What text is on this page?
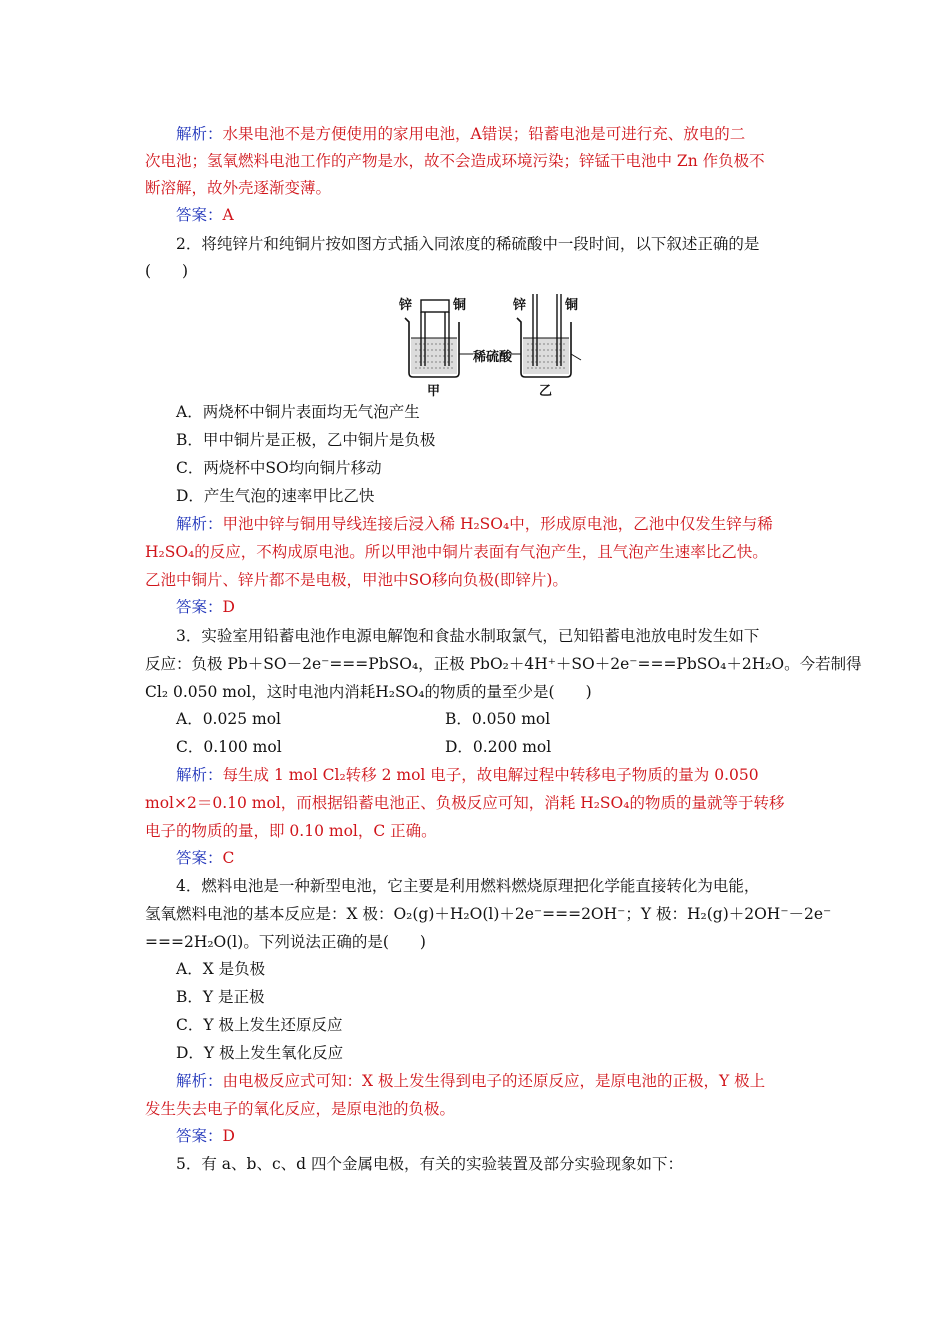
解析：水果电池不是方便使用的家用电池，A错误；铅蓄电池是可进行充、放电的二
次电池；氢氧燃料电池工作的产物是水，故不会造成环境污染；锌锰干电池中 Zn 作负极不
断溶解，故外壳逐渐变薄。
答案：A
2．将纯锌片和纯铜片按如图方式插入同浓度的稀硫酸中一段时间，以下叙述正确的是
(　　)
锌	铜	锌	铜
稀硫酸
甲	乙
A．两烧杯中铜片表面均无气泡产生
B．甲中铜片是正极，乙中铜片是负极
C．两烧杯中SO均向铜片移动
D．产生气泡的速率甲比乙快
解析：甲池中锌与铜用导线连接后浸入稀 H₂SO₄中，形成原电池，乙池中仅发生锌与稀
H₂SO₄的反应，不构成原电池。所以甲池中铜片表面有气泡产生，且气泡产生速率比乙快。
乙池中铜片、锌片都不是电极，甲池中SO移向负极(即锌片)。
答案：D
3．实验室用铅蓄电池作电源电解饱和食盐水制取氯气，已知铅蓄电池放电时发生如下
反应：负极 Pb＋SO－2e⁻===PbSO₄，正极 PbO₂＋4H⁺＋SO＋2e⁻===PbSO₄＋2H₂O。今若制得
Cl₂ 0.050 mol，这时电池内消耗H₂SO₄的物质的量至少是(　　)
A．0.025 mol	B．0.050 mol
C．0.100 mol	D．0.200 mol
解析：每生成 1 mol Cl₂转移 2 mol 电子，故电解过程中转移电子物质的量为 0.050
mol×2＝0.10 mol，而根据铅蓄电池正、负极反应可知，消耗 H₂SO₄的物质的量就等于转移
电子的物质的量，即 0.10 mol，C 正确。
答案：C
4．燃料电池是一种新型电池，它主要是利用燃料燃烧原理把化学能直接转化为电能，
氢氧燃料电池的基本反应是：X 极：O₂(g)＋H₂O(l)＋2e⁻===2OH⁻；Y 极：H₂(g)＋2OH⁻－2e⁻
===2H₂O(l)。下列说法正确的是(　　)
A．X 是负极
B．Y 是正极
C．Y 极上发生还原反应
D．Y 极上发生氧化反应
解析：由电极反应式可知：X 极上发生得到电子的还原反应，是原电池的正极，Y 极上
发生失去电子的氧化反应，是原电池的负极。
答案：D
5．有 a、b、c、d 四个金属电极，有关的实验装置及部分实验现象如下：
